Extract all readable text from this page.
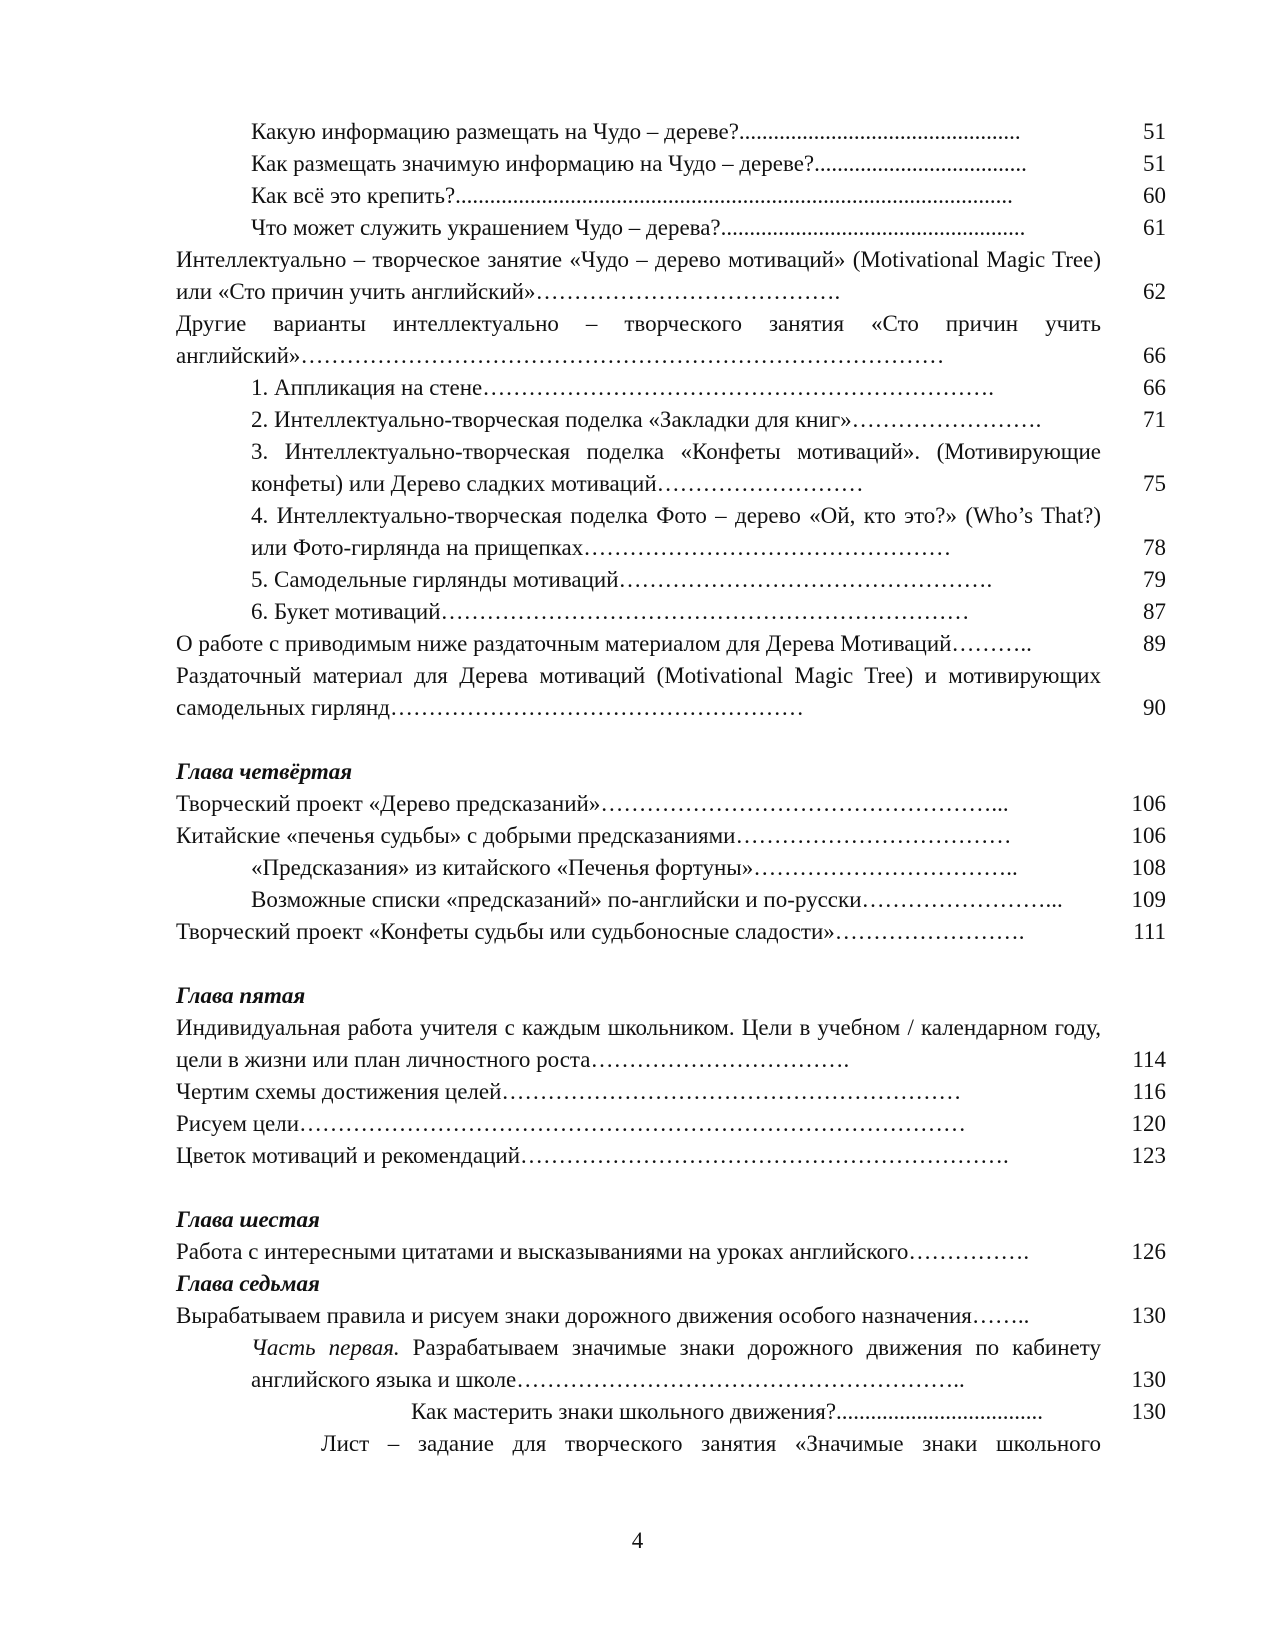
Какую информацию размещать на Чудо – дереве?.................................................	51
Как размещать значимую информацию на Чудо – дереве?.....................................	51
Как всё это крепить?.................................................................................................	60
Что может служить украшением Чудо – дерева?.....................................................	61
Интеллектуально – творческое занятие «Чудо – дерево мотиваций» (Motivational Magic Tree) или «Сто причин учить английский»………………………………….	62
Другие варианты интеллектуально – творческого занятия «Сто причин учить английский»…………………………………………………………………………	66
1. Аппликация на стене………………………………………………………….	66
2. Интеллектуально-творческая поделка «Закладки для книг»…………………….	71
3. Интеллектуально-творческая поделка «Конфеты мотиваций». (Мотивирующие конфеты) или Дерево сладких мотиваций………………………	75
4. Интеллектуально-творческая поделка Фото – дерево «Ой, кто это?» (Who’s That?) или Фото-гирлянда на прищепках…………………………………………	78
5. Самодельные гирлянды мотиваций………………………………………….	79
6. Букет мотиваций……………………………………………………………	87
О работе с приводимым ниже раздаточным материалом для Дерева Мотиваций………..	89
Раздаточный материал для Дерева мотиваций (Motivational Magic Tree) и мотивирующих самодельных гирлянд………………………………………………	90
Глава четвёртая
Творческий проект «Дерево предсказаний»……………………………………………...	106
Китайские «печенья судьбы» с добрыми предсказаниями………………………………	106
«Предсказания» из китайского «Печенья фортуны»……………………………..	108
Возможные списки «предсказаний» по-английски и по-русски……………………...	109
Творческий проект «Конфеты судьбы или судьбоносные сладости»…………………….	111
Глава пятая
Индивидуальная работа учителя с каждым школьником. Цели в учебном / календарном году, цели в жизни или план личностного роста…………………………….	114
Чертим схемы достижения целей……………………………………………………	116
Рисуем цели……………………………………………………………………………	120
Цветок мотиваций и рекомендаций……………………………………………………….	123
Глава шестая
Работа с интересными цитатами и высказываниями на уроках английского…………….	126
Глава седьмая
Вырабатываем правила и рисуем знаки дорожного движения особого назначения……..	130
Часть первая. Разрабатываем значимые знаки дорожного движения по кабинету английского языка и школе…………………………………………………..	130
Как мастерить знаки школьного движения?....................................	130
Лист – задание для творческого занятия «Значимые знаки школьного
4
